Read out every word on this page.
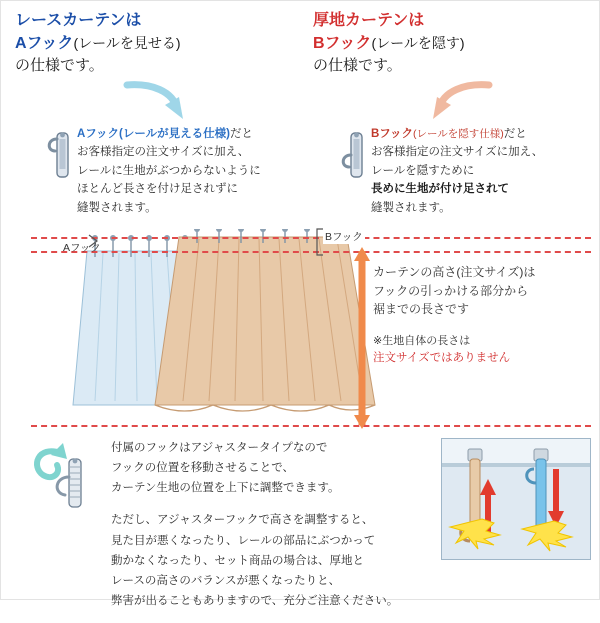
レースカーテンは
Aフック(レールを見せる)
の仕様です。
厚地カーテンは
Bフック(レールを隠す)
の仕様です。
Aフック(レールが見える仕様)だと
お客様指定の注文サイズに加え、
レールに生地がぶつからないように
ほとんど長さを付け足されずに
縫製されます。
Bフック(レールを隠す仕様)だと
お客様指定の注文サイズに加え、
レールを隠すために
長めに生地が付け足されて
縫製されます。
Aフック
Bフック
カーテンの高さ(注文サイズ)は
フックの引っかける部分から
裾までの長さです
※生地自体の長さは
注文サイズではありません

付属のフックはアジャスタータイプなので
フックの位置を移動させることで、
カーテン生地の位置を上下に調整できます。

ただし、アジャスターフックで高さを調整すると、
見た目が悪くなったり、レールの部品にぶつかって
動かなくなったり、セット商品の場合は、厚地と
レースの高さのバランスが悪くなったりと、
弊害が出ることもありますので、充分ご注意ください。
